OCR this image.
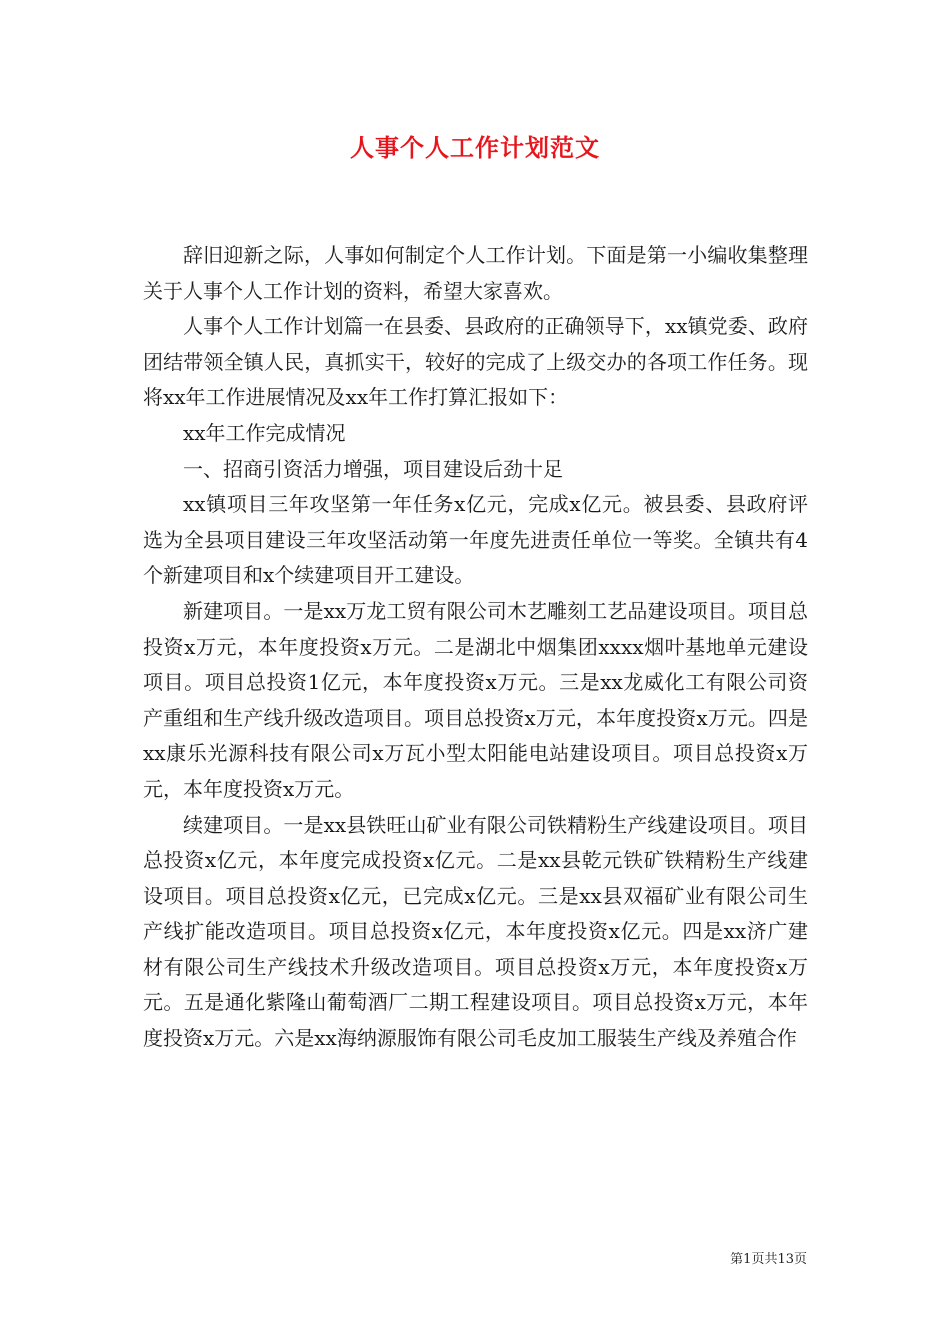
人事个人工作计划范文

辞旧迎新之际，人事如何制定个人工作计划。下面是第一小编收集整理关于人事个人工作计划的资料，希望大家喜欢。

人事个人工作计划篇一在县委、县政府的正确领导下，xx镇党委、政府团结带领全镇人民，真抓实干，较好的完成了上级交办的各项工作任务。现将xx年工作进展情况及xx年工作打算汇报如下：

xx年工作完成情况

一、招商引资活力增强，项目建设后劲十足

xx镇项目三年攻坚第一年任务x亿元，完成x亿元。被县委、县政府评选为全县项目建设三年攻坚活动第一年度先进责任单位一等奖。全镇共有4个新建项目和x个续建项目开工建设。

新建项目。一是xx万龙工贸有限公司木艺雕刻工艺品建设项目。项目总投资x万元，本年度投资x万元。二是湖北中烟集团xxxx烟叶基地单元建设项目。项目总投资1亿元，本年度投资x万元。三是xx龙威化工有限公司资产重组和生产线升级改造项目。项目总投资x万元，本年度投资x万元。四是xx康乐光源科技有限公司x万瓦小型太阳能电站建设项目。项目总投资x万元，本年度投资x万元。

续建项目。一是xx县铁旺山矿业有限公司铁精粉生产线建设项目。项目总投资x亿元，本年度完成投资x亿元。二是xx县乾元铁矿铁精粉生产线建设项目。项目总投资x亿元，已完成x亿元。三是xx县双福矿业有限公司生产线扩能改造项目。项目总投资x亿元，本年度投资x亿元。四是xx济广建材有限公司生产线技术升级改造项目。项目总投资x万元，本年度投资x万元。五是通化紫隆山葡萄酒厂二期工程建设项目。项目总投资x万元，本年度投资x万元。六是xx海纳源服饰有限公司毛皮加工服装生产线及养殖合作

第1页共13页
